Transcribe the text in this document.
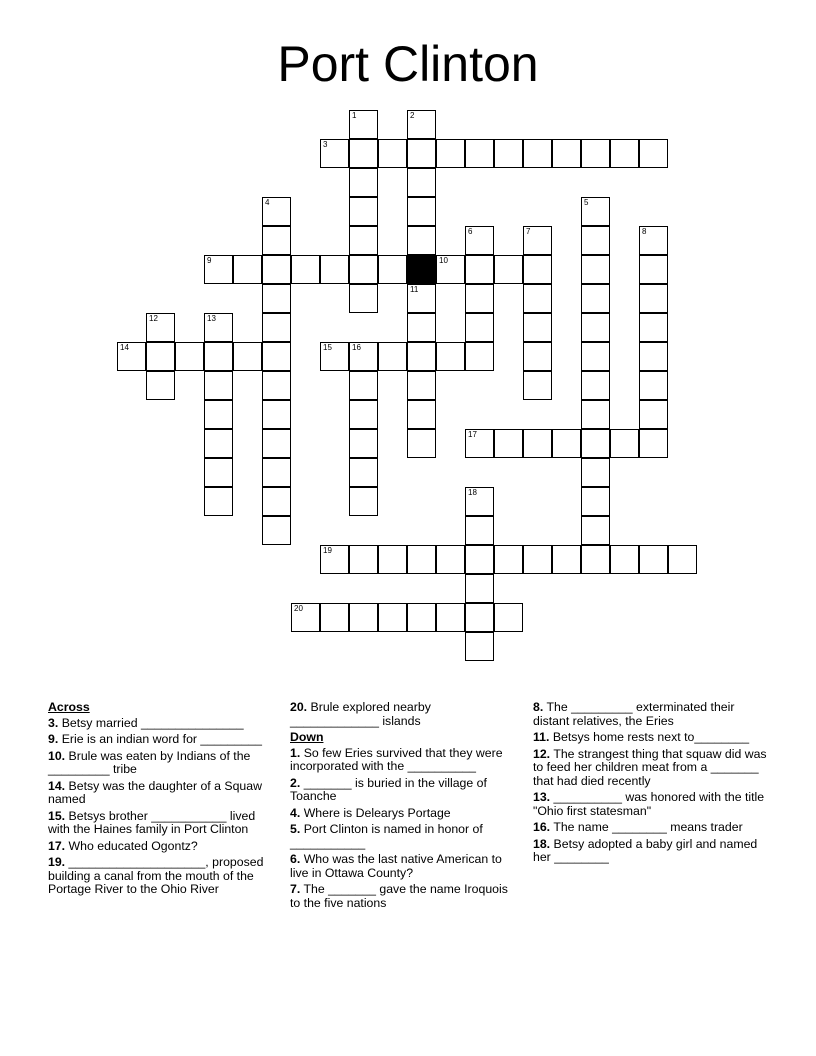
Port Clinton
1	2
3
4	5
6	7	8
9	10
11
12	13
14	15	16
17
18
19
20
Across
3. Betsy married _______________
9. Erie is an indian word for _________
10. Brule was eaten by Indians of the _________ tribe
14. Betsy was the daughter of a Squaw named
15. Betsys brother ___________ lived with the Haines family in Port Clinton
17. Who educated Ogontz?
19. ____________________, proposed building a canal from the mouth of the Portage River to the Ohio River
20. Brule explored nearby _____________ islands
Down
1. So few Eries survived that they were incorporated with the __________
2. _______ is buried in the village of Toanche
4. Where is Delearys Portage
5. Port Clinton is named in honor of ___________
6. Who was the last native American to live in Ottawa County?
7. The _______ gave the name Iroquois to the five nations
8. The _________ exterminated their distant relatives, the Eries
11. Betsys home rests next to________
12. The strangest thing that squaw did was to feed her children meat from a _______ that had died recently
13. __________ was honored with the title "Ohio first statesman"
16. The name ________ means trader
18. Betsy adopted a baby girl and named her ________
